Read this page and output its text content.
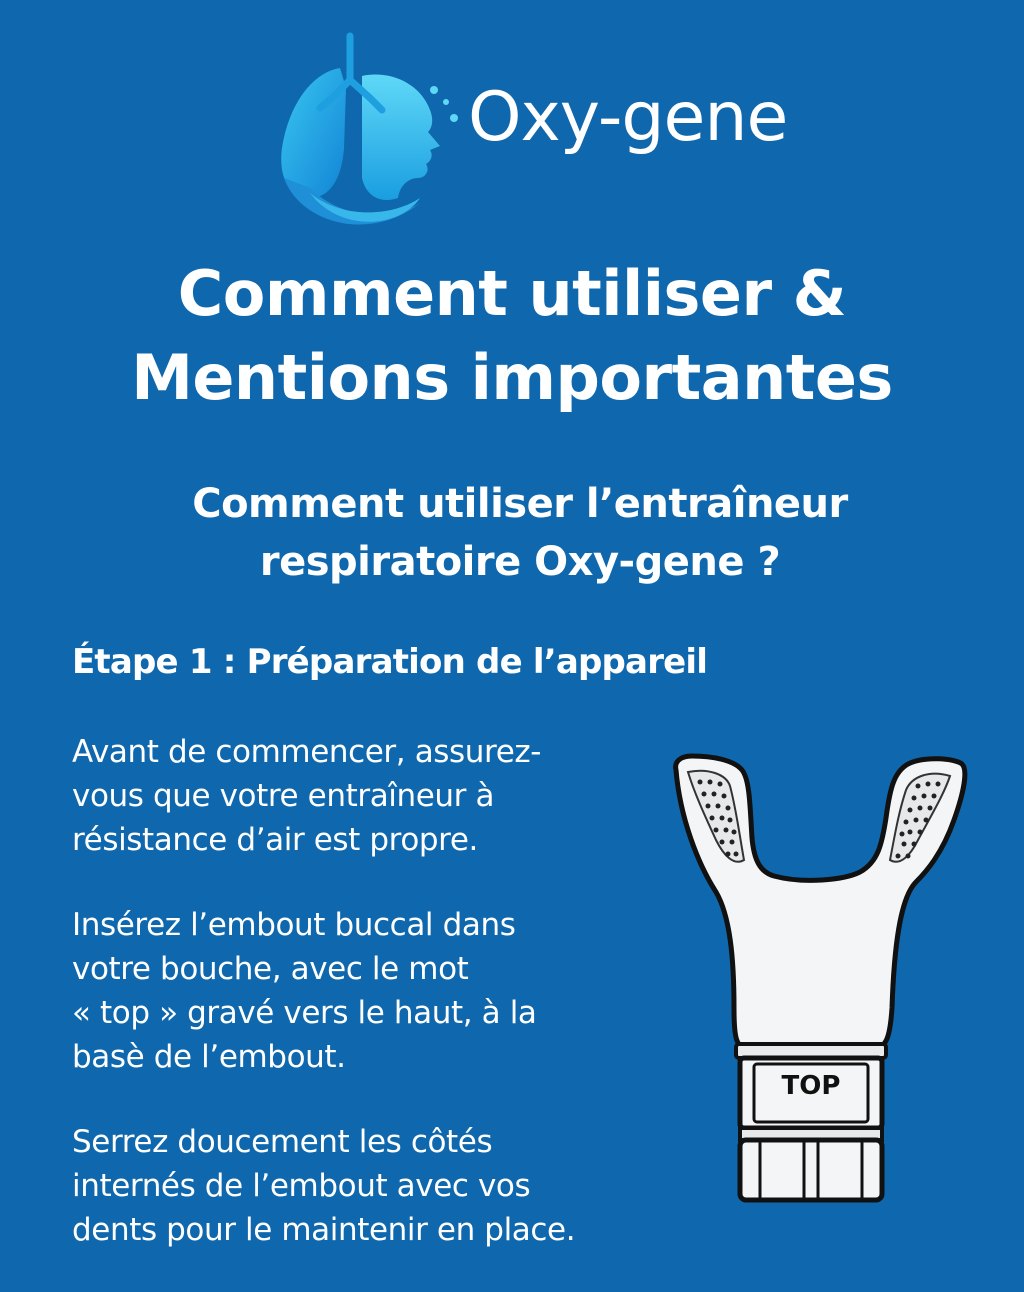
Oxy-gene
Comment utiliser &
Mentions importantes
Comment utiliser l’entraîneur
respiratoire Oxy-gene ?
Étape 1 : Préparation de l’appareil
Avant de commencer, assurez-
vous que votre entraîneur à
résistance d’air est propre.
Insérez l’embout buccal dans
votre bouche, avec le mot
« top » gravé vers le haut, à la
basè de l’embout.
Serrez doucement les côtés
internés de l’embout avec vos
dents pour le maintenir en place.
TOP
